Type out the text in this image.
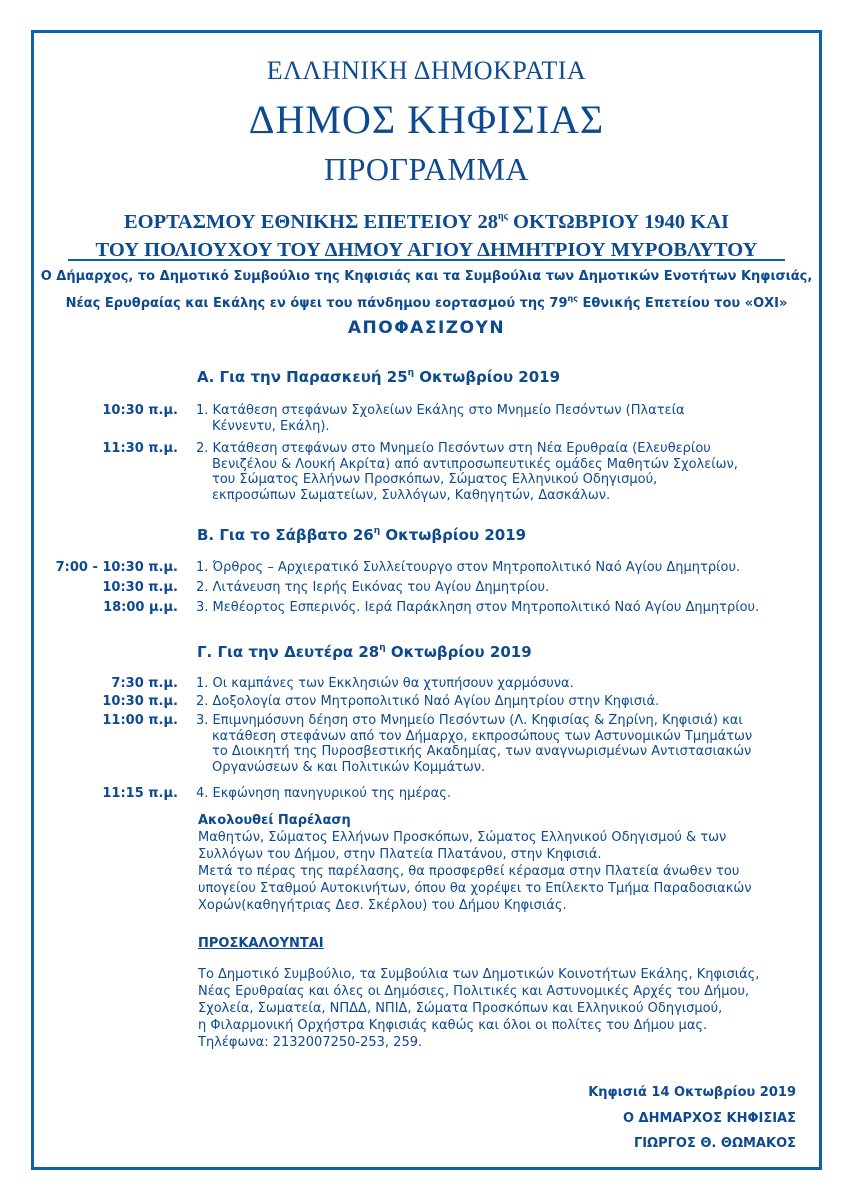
ΕΛΛΗΝΙΚΗ ΔΗΜΟΚΡΑΤΙΑ
ΔΗΜΟΣ ΚΗΦΙΣΙΑΣ
ΠΡΟΓΡΑΜΜΑ
ΕΟΡΤΑΣΜΟΥ ΕΘΝΙΚΗΣ ΕΠΕΤΕΙΟΥ $28^{\eta\varsigma}$ ΟΚΤΩΒΡΙΟΥ 1940 ΚΑΙ
ΤΟΥ ΠΟΛΙΟΥΧΟΥ ΤΟΥ ΔΗΜΟΥ ΑΓΙΟΥ ΔΗΜΗΤΡΙΟΥ ΜΥΡΟΒΛΥΤΟΥ
Ο Δήμαρχος, το Δημοτικό Συμβούλιο της Κηφισιάς και τα Συμβούλια των Δημοτικών Ενοτήτων Κηφισιάς,
Νέας Ερυθραίας και Εκάλης εν όψει του πάνδημου εορτασμού της $79^{\eta\varsigma}$ Εθνικής Επετείου του «ΟΧΙ»
ΑΠΟΦΑΣΙΖΟΥΝ
Α. Για την Παρασκευή $25^\eta$ Οκτωβρίου 2019
10:30 π.μ. 1. Κατάθεση στεφάνων Σχολείων Εκάλης στο Μνημείο Πεσόντων (Πλατεία
Κέννεντυ, Εκάλη).
11:30 π.μ. 2. Κατάθεση στεφάνων στο Μνημείο Πεσόντων στη Νέα Ερυθραία (Ελευθερίου
Βενιζέλου & Λουκή Ακρίτα) από αντιπροσωπευτικές ομάδες Μαθητών Σχολείων,
του Σώματος Ελλήνων Προσκόπων, Σώματος Ελληνικού Οδηγισμού,
εκπροσώπων Σωματείων, Συλλόγων, Καθηγητών, Δασκάλων.
Β. Για το Σάββατο $26^\eta$ Οκτωβρίου 2019
7:00 - 10:30 π.μ. 1. Όρθρος – Αρχιερατικό Συλλείτουργο στον Μητροπολιτικό Ναό Αγίου Δημητρίου.
10:30 π.μ. 2. Λιτάνευση της Ιερής Εικόνας του Αγίου Δημητρίου.
18:00 μ.μ. 3. Μεθέορτος Εσπερινός. Ιερά Παράκληση στον Μητροπολιτικό Ναό Αγίου Δημητρίου.
Γ. Για την Δευτέρα $28^\eta$ Οκτωβρίου 2019
7:30 π.μ. 1. Οι καμπάνες των Εκκλησιών θα χτυπήσουν χαρμόσυνα.
10:30 π.μ. 2. Δοξολογία στον Μητροπολιτικό Ναό Αγίου Δημητρίου στην Κηφισιά.
11:00 π.μ. 3. Επιμνημόσυνη δέηση στο Μνημείο Πεσόντων (Λ. Κηφισίας & Ζηρίνη, Κηφισιά) και
κατάθεση στεφάνων από τον Δήμαρχο, εκπροσώπους των Αστυνομικών Τμημάτων
το Διοικητή της Πυροσβεστικής Ακαδημίας, των αναγνωρισμένων Αντιστασιακών
Οργανώσεων & και Πολιτικών Κομμάτων.
11:15 π.μ. 4. Εκφώνηση πανηγυρικού της ημέρας.
Ακολουθεί Παρέλαση
Μαθητών, Σώματος Ελλήνων Προσκόπων, Σώματος Ελληνικού Οδηγισμού & των
Συλλόγων του Δήμου, στην Πλατεία Πλατάνου, στην Κηφισιά.
Μετά το πέρας της παρέλασης, θα προσφερθεί κέρασμα στην Πλατεία άνωθεν του
υπογείου Σταθμού Αυτοκινήτων, όπου θα χορέψει το Επίλεκτο Τμήμα Παραδοσιακών
Χορών(καθηγήτριας Δεσ. Σκέρλου) του Δήμου Κηφισιάς.
ΠΡΟΣΚΑΛΟΥΝΤΑΙ
Το Δημοτικό Συμβούλιο, τα Συμβούλια των Δημοτικών Κοινοτήτων Εκάλης, Κηφισιάς,
Νέας Ερυθραίας και όλες οι Δημόσιες, Πολιτικές και Αστυνομικές Αρχές του Δήμου,
Σχολεία, Σωματεία, ΝΠΔΔ, ΝΠΙΔ, Σώματα Προσκόπων και Ελληνικού Οδηγισμού,
η Φιλαρμονική Ορχήστρα Κηφισιάς καθώς και όλοι οι πολίτες του Δήμου μας.
Τηλέφωνα: 2132007250-253, 259.
Κηφισιά 14 Οκτωβρίου 2019
Ο ΔΗΜΑΡΧΟΣ ΚΗΦΙΣΙΑΣ
ΓΙΩΡΓΟΣ Θ. ΘΩΜΑΚΟΣ
